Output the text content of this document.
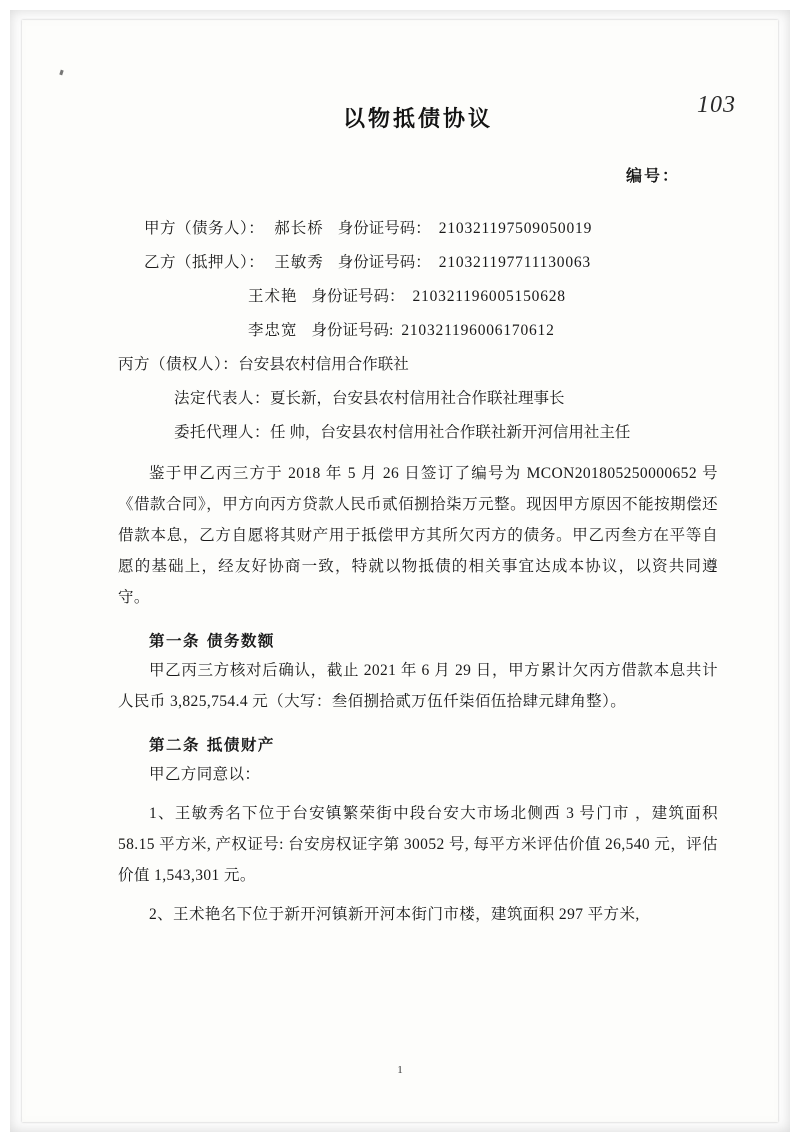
103
以物抵债协议
编号：
甲方（债务人）： 郝长桥 身份证号码： 210321197509050019
乙方（抵押人）： 王敏秀 身份证号码： 210321197711130063
王术艳 身份证号码： 210321196005150628
李忠宽 身份证号码: 210321196006170612
丙方（债权人）：台安县农村信用合作联社
法定代表人：夏长新，台安县农村信用社合作联社理事长
委托代理人：任 帅，台安县农村信用社合作联社新开河信用社主任
鉴于甲乙丙三方于 2018 年 5 月 26 日签订了编号为 MCON201805250000652 号《借款合同》，甲方向丙方贷款人民币贰佰捌拾柒万元整。现因甲方原因不能按期偿还借款本息，乙方自愿将其财产用于抵偿甲方其所欠丙方的债务。甲乙丙叁方在平等自愿的基础上，经友好协商一致，特就以物抵债的相关事宜达成本协议，以资共同遵守。
第一条 债务数额
甲乙丙三方核对后确认，截止 2021 年 6 月 29 日，甲方累计欠丙方借款本息共计人民币 3,825,754.4 元（大写：叁佰捌拾贰万伍仟柒佰伍拾肆元肆角整）。
第二条 抵债财产
甲乙方同意以：
1、王敏秀名下位于台安镇繁荣街中段台安大市场北侧西 3 号门市 ，建筑面积 58.15 平方米, 产权证号: 台安房权证字第 30052 号, 每平方米评估价值 26,540 元，评估价值 1,543,301 元。
2、王术艳名下位于新开河镇新开河本街门市楼，建筑面积 297 平方米,
1
